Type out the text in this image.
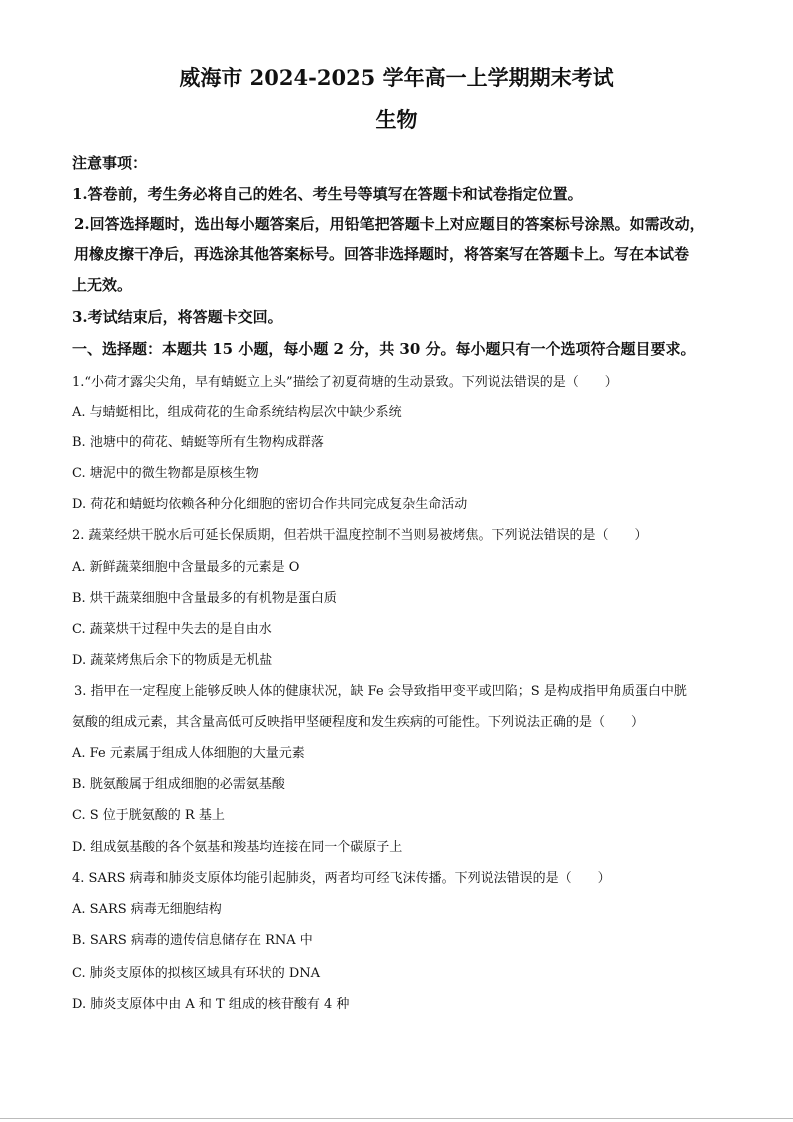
威海市 2024-2025 学年高一上学期期末考试
生物
注意事项：
1.答卷前，考生务必将自己的姓名、考生号等填写在答题卡和试卷指定位置。
2.回答选择题时，选出每小题答案后，用铅笔把答题卡上对应题目的答案标号涂黑。如需改动，
用橡皮擦干净后，再选涂其他答案标号。回答非选择题时，将答案写在答题卡上。写在本试卷
上无效。
3.考试结束后，将答题卡交回。
一、选择题：本题共 15 小题，每小题 2 分，共 30 分。每小题只有一个选项符合题目要求。
1.“小荷才露尖尖角，早有蜻蜓立上头”描绘了初夏荷塘的生动景致。下列说法错误的是（　　）
A. 与蜻蜓相比，组成荷花的生命系统结构层次中缺少系统
B. 池塘中的荷花、蜻蜓等所有生物构成群落
C. 塘泥中的微生物都是原核生物
D. 荷花和蜻蜓均依赖各种分化细胞的密切合作共同完成复杂生命活动
2. 蔬菜经烘干脱水后可延长保质期，但若烘干温度控制不当则易被烤焦。下列说法错误的是（　　）
A. 新鲜蔬菜细胞中含量最多的元素是 O
B. 烘干蔬菜细胞中含量最多的有机物是蛋白质
C. 蔬菜烘干过程中失去的是自由水
D. 蔬菜烤焦后余下的物质是无机盐
3. 指甲在一定程度上能够反映人体的健康状况，缺 Fe 会导致指甲变平或凹陷；S 是构成指甲角质蛋白中胱
氨酸的组成元素，其含量高低可反映指甲坚硬程度和发生疾病的可能性。下列说法正确的是（　　）
A. Fe 元素属于组成人体细胞的大量元素
B. 胱氨酸属于组成细胞的必需氨基酸
C. S 位于胱氨酸的 R 基上
D. 组成氨基酸的各个氨基和羧基均连接在同一个碳原子上
4. SARS 病毒和肺炎支原体均能引起肺炎，两者均可经飞沫传播。下列说法错误的是（　　）
A. SARS 病毒无细胞结构
B. SARS 病毒的遗传信息储存在 RNA 中
C. 肺炎支原体的拟核区域具有环状的 DNA
D. 肺炎支原体中由 A 和 T 组成的核苷酸有 4 种
